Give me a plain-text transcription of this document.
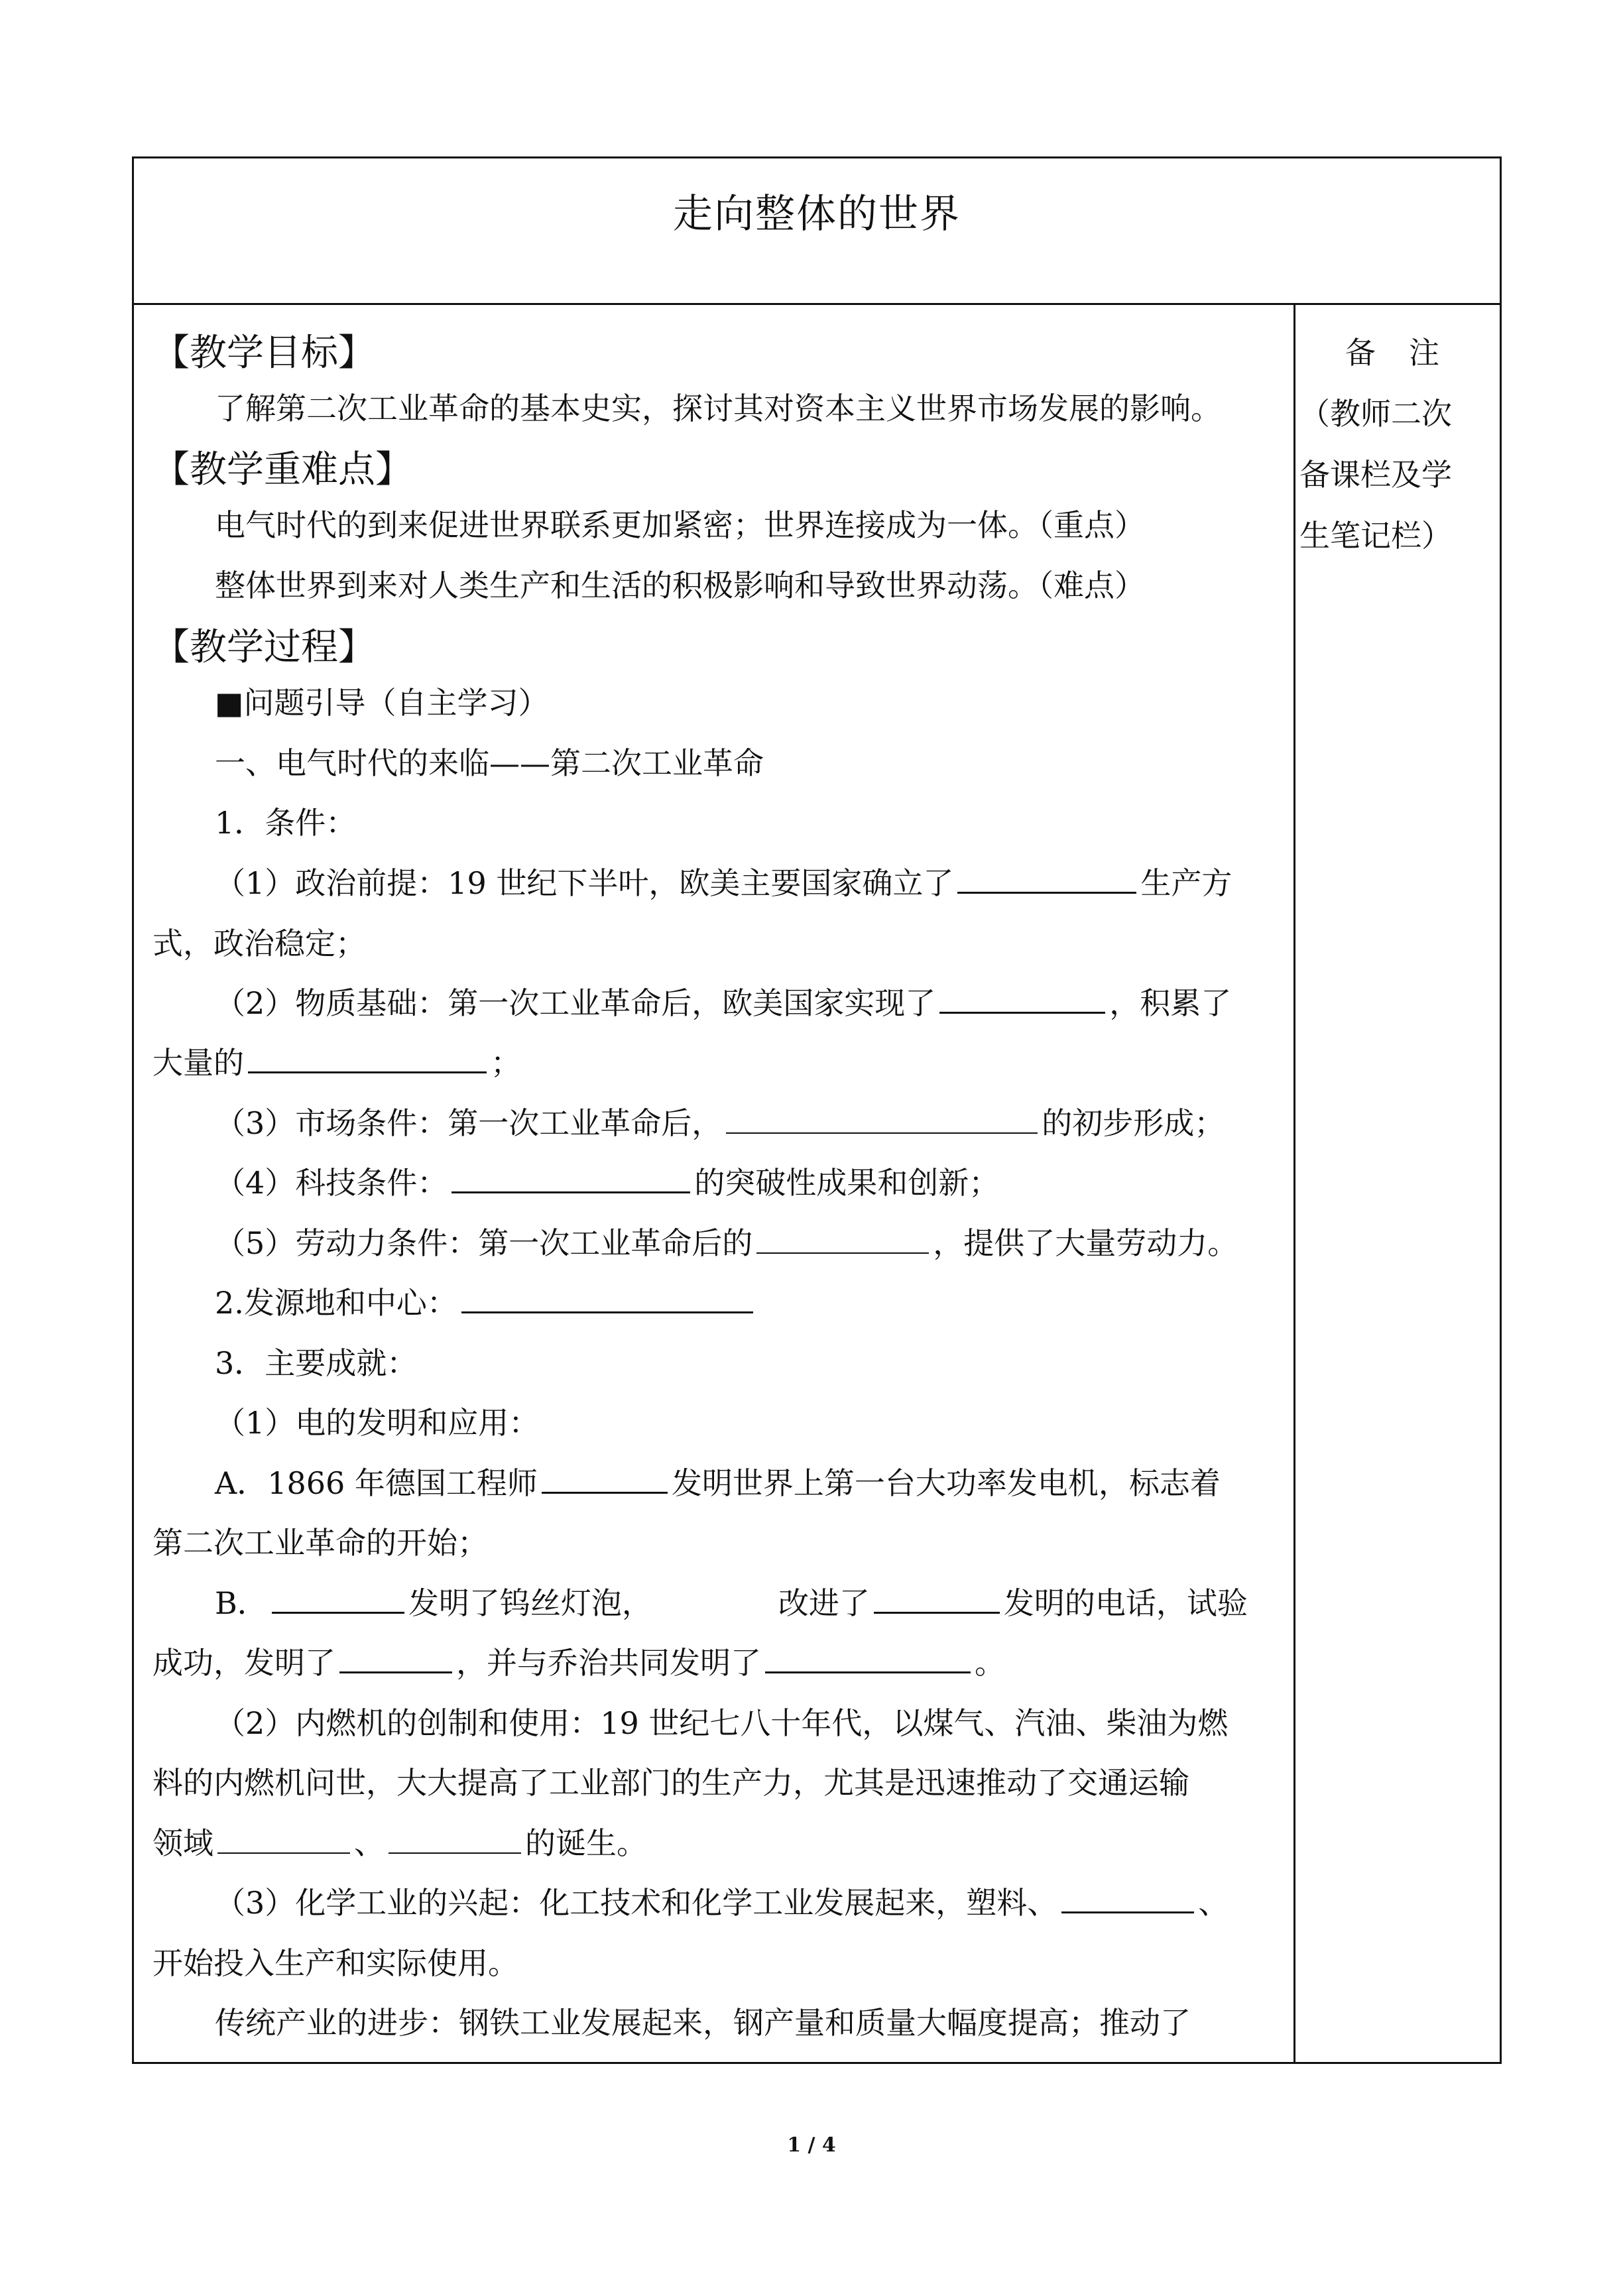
走向整体的世界
备注
（教师二次
备课栏及学
生笔记栏）
【教学目标】
了解第二次工业革命的基本史实，探讨其对资本主义世界市场发展的影响。
【教学重难点】
电气时代的到来促进世界联系更加紧密；世界连接成为一体。（重点）
整体世界到来对人类生产和生活的积极影响和导致世界动荡。（难点）
【教学过程】
■问题引导（自主学习）
一、电气时代的来临——第二次工业革命
1．条件：
（1）政治前提：19 世纪下半叶，欧美主要国家确立了	生产方
式，政治稳定；
（2）物质基础：第一次工业革命后，欧美国家实现了	，积累了
大量的	；
（3）市场条件：第一次工业革命后，	的初步形成；
（4）科技条件：	的突破性成果和创新；
（5）劳动力条件：第一次工业革命后的	，提供了大量劳动力。
2.发源地和中心：
3．主要成就：
（1）电的发明和应用：
A．1866 年德国工程师	发明世界上第一台大功率发电机，标志着
第二次工业革命的开始；
B．	发明了钨丝灯泡，	改进了	发明的电话，试验
成功，发明了	，并与乔治共同发明了	。
（2）内燃机的创制和使用：19 世纪七八十年代，以煤气、汽油、柴油为燃
料的内燃机问世，大大提高了工业部门的生产力，尤其是迅速推动了交通运输
领域	、	的诞生。
（3）化学工业的兴起：化工技术和化学工业发展起来，塑料、	、
开始投入生产和实际使用。
传统产业的进步：钢铁工业发展起来，钢产量和质量大幅度提高；推动了
1 / 4
